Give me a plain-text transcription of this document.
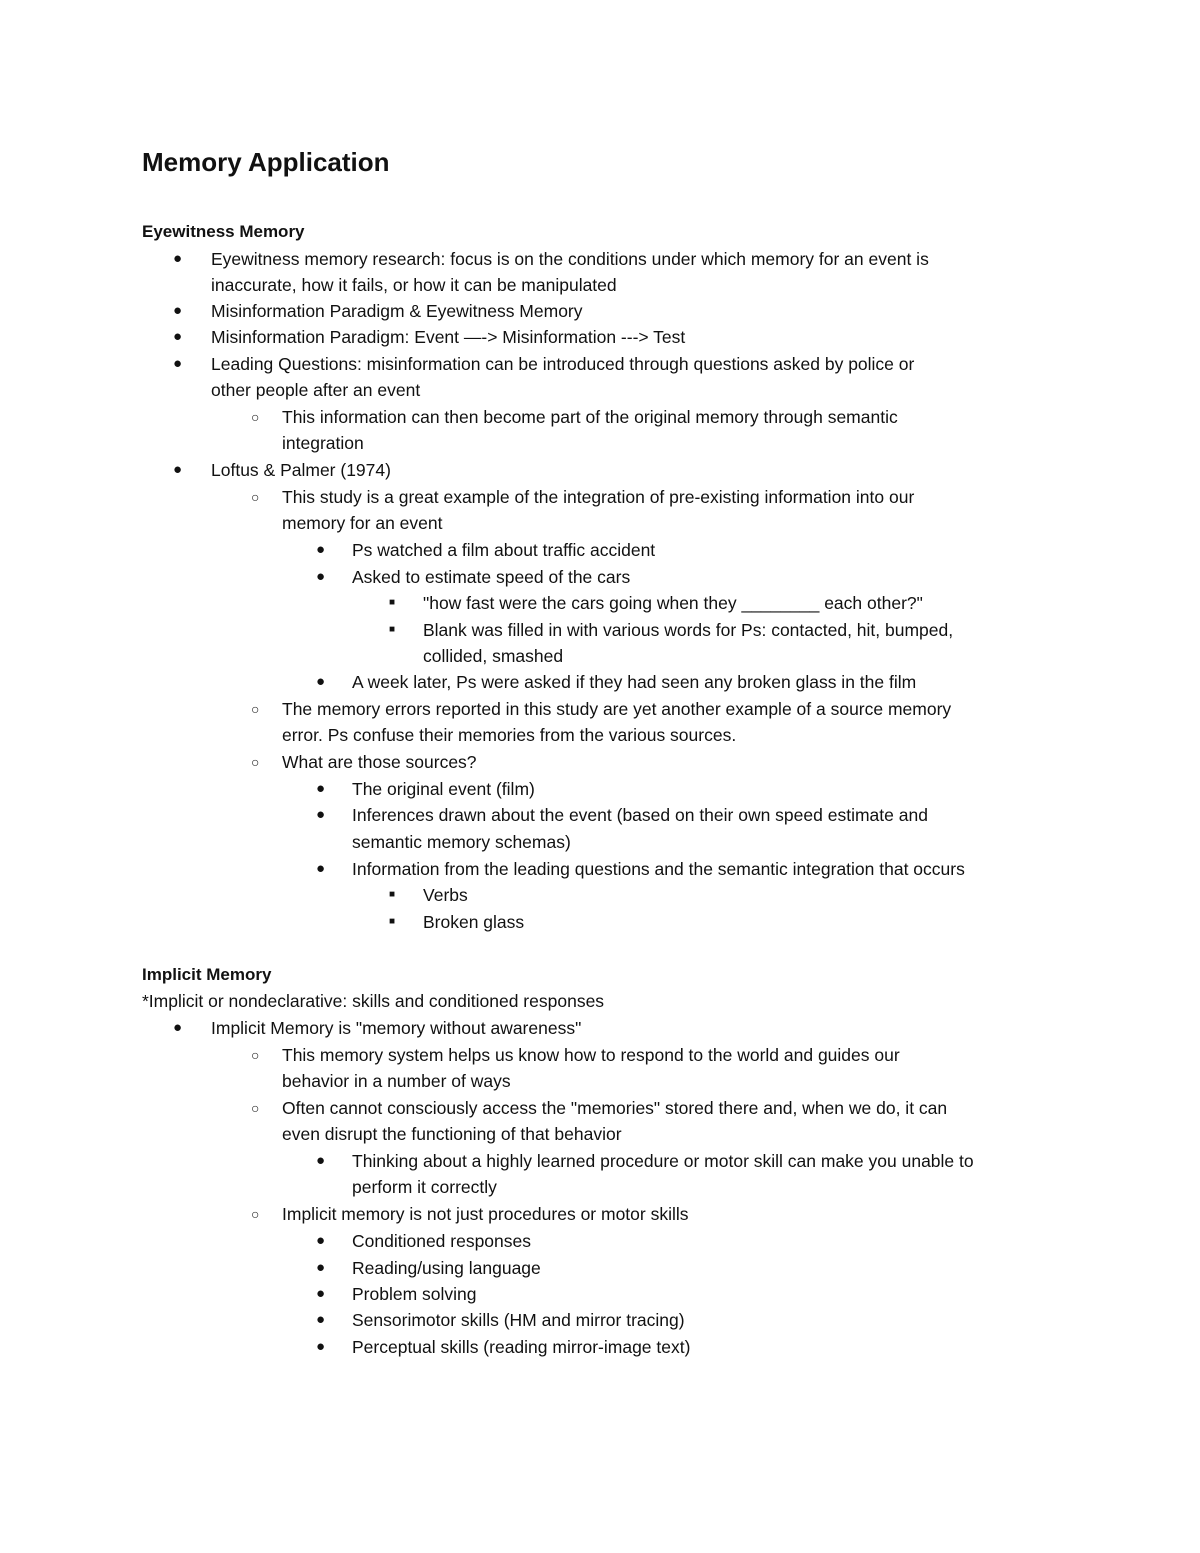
Memory Application
Eyewitness Memory
● Eyewitness memory research: focus is on the conditions under which memory for an event is
inaccurate, how it fails, or how it can be manipulated
● Misinformation Paradigm & Eyewitness Memory
● Misinformation Paradigm: Event —-> Misinformation ---> Test
● Leading Questions: misinformation can be introduced through questions asked by police or
other people after an event
○ This information can then become part of the original memory through semantic
integration
● Loftus & Palmer (1974)
○ This study is a great example of the integration of pre-existing information into our
memory for an event
● Ps watched a film about traffic accident
● Asked to estimate speed of the cars
■ "how fast were the cars going when they ________ each other?"
■ Blank was filled in with various words for Ps: contacted, hit, bumped,
collided, smashed
● A week later, Ps were asked if they had seen any broken glass in the film
○ The memory errors reported in this study are yet another example of a source memory
error. Ps confuse their memories from the various sources.
○ What are those sources?
● The original event (film)
● Inferences drawn about the event (based on their own speed estimate and
semantic memory schemas)
● Information from the leading questions and the semantic integration that occurs
■ Verbs
■ Broken glass
Implicit Memory
*Implicit or nondeclarative: skills and conditioned responses
● Implicit Memory is "memory without awareness"
○ This memory system helps us know how to respond to the world and guides our
behavior in a number of ways
○ Often cannot consciously access the "memories" stored there and, when we do, it can
even disrupt the functioning of that behavior
● Thinking about a highly learned procedure or motor skill can make you unable to
perform it correctly
○ Implicit memory is not just procedures or motor skills
● Conditioned responses
● Reading/using language
● Problem solving
● Sensorimotor skills (HM and mirror tracing)
● Perceptual skills (reading mirror-image text)
